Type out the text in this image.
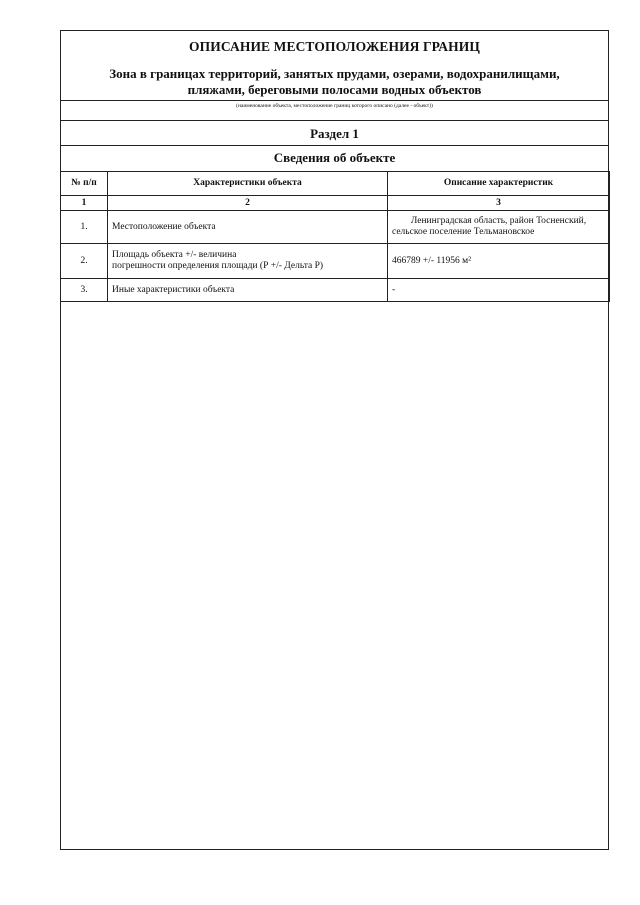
ОПИСАНИЕ МЕСТОПОЛОЖЕНИЯ ГРАНИЦ
Зона в границах территорий, занятых прудами, озерами, водохранилищами,
пляжами, береговыми полосами водных объектов
(наименование объекта, местоположение границ которого описано (далее - объект))
Раздел 1
Сведения об объекте
№ п/п	Характеристики объекта	Описание характеристик
1	2	3
1.	Местоположение объекта	Ленинградская область, район Тосненский,
сельское поселение Тельмановское

2.	Площадь объекта +/- величина
погрешности определения площади (Р +/- Дельта Р)	466789 +/- 11956 м²
3.	Иные характеристики объекта	-
